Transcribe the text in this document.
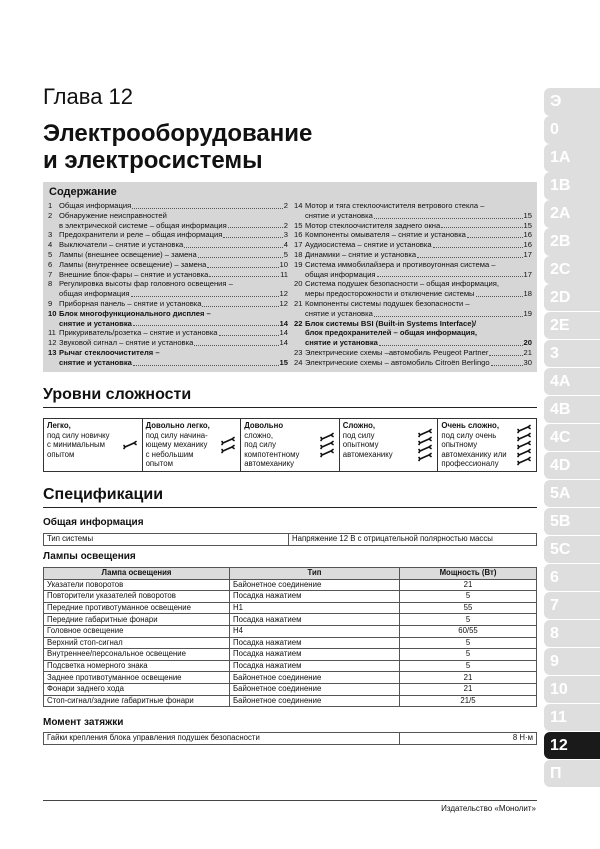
Глава 12
Электрооборудование
и электросистемы
Содержание
1 Общая информация	2
2 Обнаружение неисправностей
в электрической системе – общая информация	2
3 Предохранители и реле – общая информация	3
4 Выключатели – снятие и установка	4
5 Лампы (внешнее освещение) – замена	5
6 Лампы (внутреннее освещение) – замена	10
7 Внешние блок-фары – снятие и установка	11
8 Регулировка высоты фар головного освещения –
общая информация	12
9 Приборная панель – снятие и установка	12
10 Блок многофункционального дисплея –
снятие и установка	14
11 Прикуриватель/розетка – снятие и установка	14
12 Звуковой сигнал – снятие и установка	14
13 Рычаг стеклоочистителя –
снятие и установка	15
14 Мотор и тяга стеклоочистителя ветрового стекла –
снятие и установка	15
15 Мотор стеклоочистителя заднего окна	15
16 Компоненты омывателя – снятие и установка	16
17 Аудиосистема – снятие и установка	16
18 Динамики – снятие и установка	17
19 Система иммобилайзера и противоугонная система –
общая информация	17
20 Система подушек безопасности – общая информация,
меры предосторожности и отключение системы	18
21 Компоненты системы подушек безопасности –
снятие и установка	19
22 Блок системы BSI (Built-in Systems Interface)/
блок предохранителей – общая информация,
снятие и установка	20
23 Электрические схемы –автомобиль Peugeot Partner	21
24 Электрические схемы – автомобиль Citroën Berlingo	30
Уровни сложности
Легко,
под силу новичку
с минимальным
опытом
Довольно легко,
под силу начина-
ющему механику
с небольшим
опытом
Довольно
сложно,
под силу
компотентному
автомеханику
Сложно,
под силу
опытному
автомеханику
Очень сложно,
под силу очень
опытному
автомеханику или
профессионалу
Спецификации
Общая информация
Тип системы	Напряжение 12 В с отрицательной полярностью массы
Лампы освещения
Лампа освещения	Тип	Мощность (Вт)
Указатели поворотов	Байонетное соединение	21
Повторители указателей поворотов	Посадка нажатием	5
Передние противотуманное освещение	H1	55
Передние габаритные фонари	Посадка нажатием	5
Головное освещение	H4	60/55
Верхний стоп-сигнал	Посадка нажатием	5
Внутреннее/персональное освещение	Посадка нажатием	5
Подсветка номерного знака	Посадка нажатием	5
Заднее противотуманное освещение	Байонетное соединение	21
Фонари заднего хода	Байонетное соединение	21
Стоп-сигнал/задние габаритные фонари	Байонетное соединение	21/5
Момент затяжки
Гайки крепления блока управления подушек безопасности	8 Н·м
Э
0
1A
1B
2A
2B
2C
2D
2E
3
4A
4B
4C
4D
5A
5B
5C
6
7
8
9
10
11
12
П
Издательство «Монолит»
